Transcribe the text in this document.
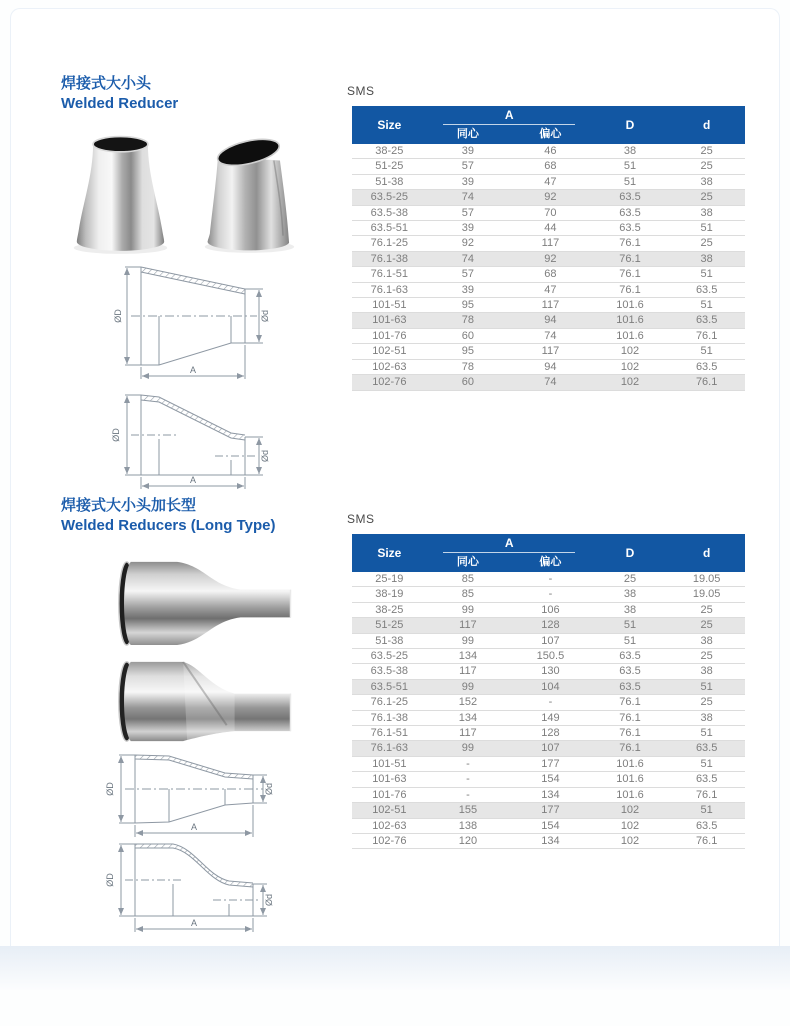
焊接式大小头
Welded Reducer
ØD	Ød
A
ØD
Ød
A
SMS
Size	A		D	d
	同心	偏心		
38-25	39	46	38	25
51-25	57	68	51	25
51-38	39	47	51	38
63.5-25	74	92	63.5	25
63.5-38	57	70	63.5	38
63.5-51	39	44	63.5	51
76.1-25	92	117	76.1	25
76.1-38	74	92	76.1	38
76.1-51	57	68	76.1	51
76.1-63	39	47	76.1	63.5
101-51	95	117	101.6	51
101-63	78	94	101.6	63.5
101-76	60	74	101.6	76.1
102-51	95	117	102	51
102-63	78	94	102	63.5
102-76	60	74	102	76.1
焊接式大小头加长型
Welded Reducers (Long Type)
ØD	Ød
A
ØD
Ød
A
SMS
Size	A		D	d
	同心	偏心		
25-19	85	-	25	19.05
38-19	85	-	38	19.05
38-25	99	106	38	25
51-25	117	128	51	25
51-38	99	107	51	38
63.5-25	134	150.5	63.5	25
63.5-38	117	130	63.5	38
63.5-51	99	104	63.5	51
76.1-25	152	-	76.1	25
76.1-38	134	149	76.1	38
76.1-51	117	128	76.1	51
76.1-63	99	107	76.1	63.5
101-51	-	177	101.6	51
101-63	-	154	101.6	63.5
101-76	-	134	101.6	76.1
102-51	155	177	102	51
102-63	138	154	102	63.5
102-76	120	134	102	76.1
